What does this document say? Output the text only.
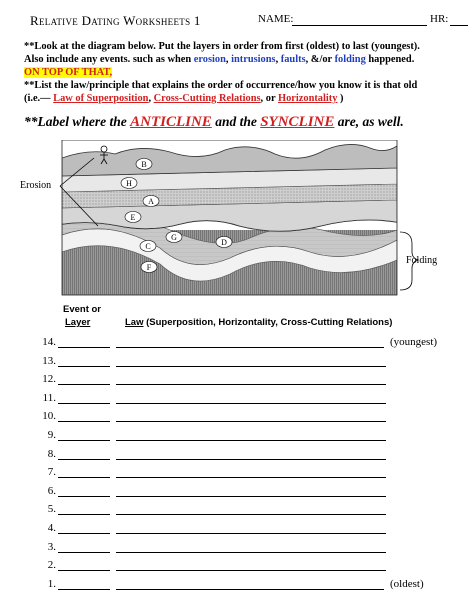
Relative Dating Worksheets 1	NAME:	HR:
**Look at the diagram below. Put the layers in order from first (oldest) to last (youngest).
Also include any events. such as when erosion, intrusions, faults, &/or folding happened.
ON TOP OF THAT,
**List the law/principle that explains the order of occurrence/how you know it is that old
(i.e.— Law of Superposition, Cross-Cutting Relations, or Horizontality )
**Label where the ANTICLINE and the SYNCLINE are, as well.
Erosion
Folding
B
H
A
E
G
D
C
F
Event or
Layer	Law (Superposition, Horizontality, Cross-Cutting Relations)
14.	(youngest)
13.
12.
11.
10.
9.
8.
7.
6.
5.
4.
3.
2.
1.	(oldest)
